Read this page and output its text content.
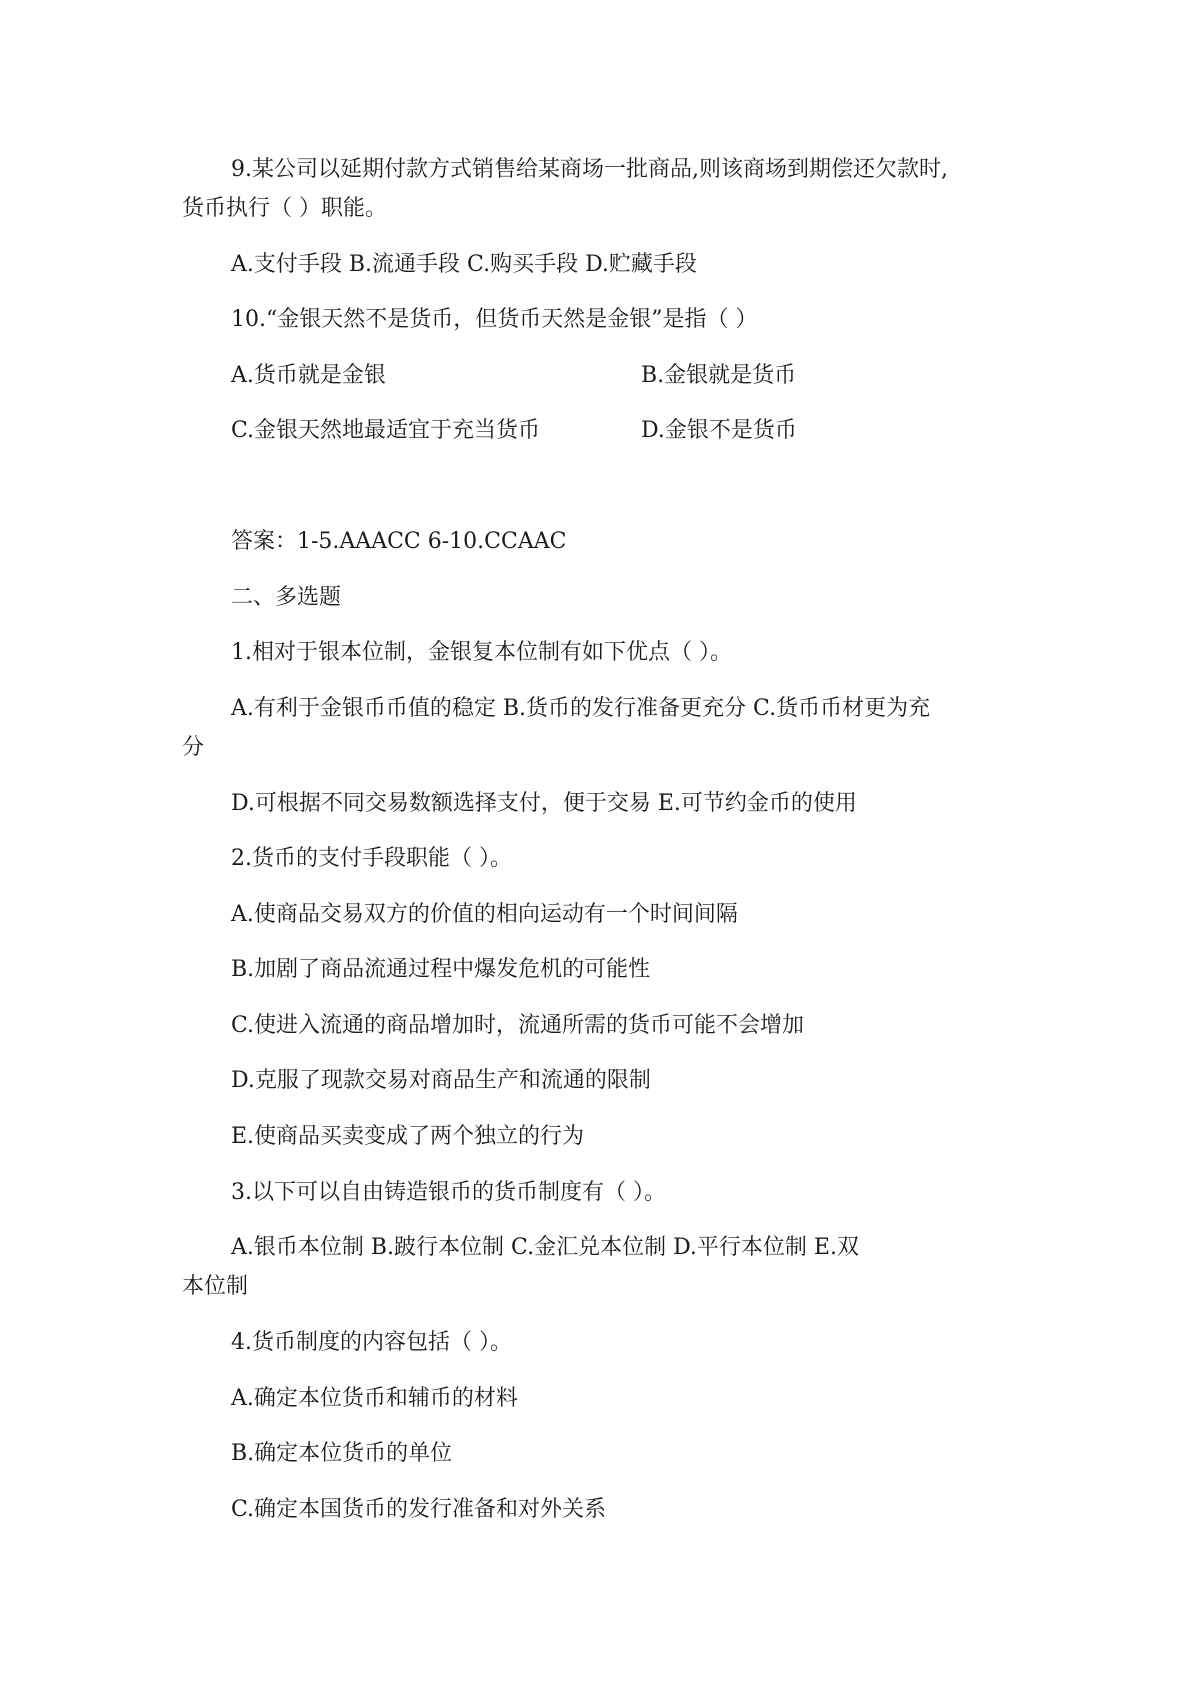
9.某公司以延期付款方式销售给某商场一批商品,则该商场到期偿还欠款时,
货币执行（ ）职能。
A.支付手段 B.流通手段 C.购买手段 D.贮藏手段
10.“金银天然不是货币，但货币天然是金银”是指（ ）
A.货币就是金银	B.金银就是货币
C.金银天然地最适宜于充当货币	D.金银不是货币
答案：1-5.AAACC 6-10.CCAAC
二、多选题
1.相对于银本位制，金银复本位制有如下优点（ ）。
A.有利于金银币币值的稳定 B.货币的发行准备更充分 C.货币币材更为充
分
D.可根据不同交易数额选择支付，便于交易 E.可节约金币的使用
2.货币的支付手段职能（ ）。
A.使商品交易双方的价值的相向运动有一个时间间隔
B.加剧了商品流通过程中爆发危机的可能性
C.使进入流通的商品增加时，流通所需的货币可能不会增加
D.克服了现款交易对商品生产和流通的限制
E.使商品买卖变成了两个独立的行为
3.以下可以自由铸造银币的货币制度有（ ）。
A.银币本位制 B.跛行本位制 C.金汇兑本位制 D.平行本位制 E.双
本位制
4.货币制度的内容包括（ ）。
A.确定本位货币和辅币的材料
B.确定本位货币的单位
C.确定本国货币的发行准备和对外关系
